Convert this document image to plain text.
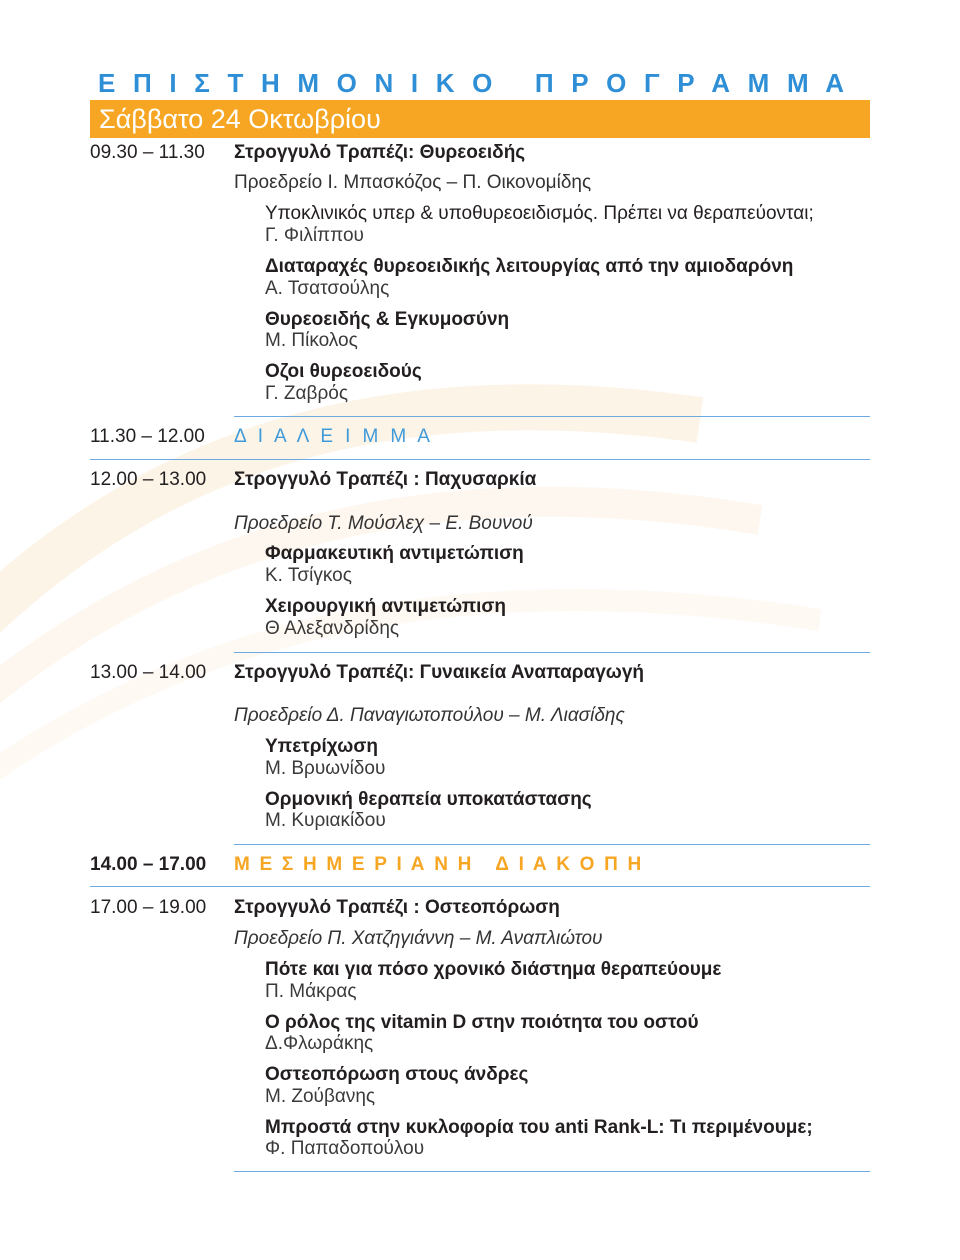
Ε Π Ι Σ Τ Η Μ Ο Ν Ι Κ Ο   Π Ρ Ο Γ Ρ Α Μ Μ Α
Σάββατο 24 Οκτωβρίου
09.30 – 11.30 Στρογγυλό Τραπέζι: Θυρεοειδής
Προεδρείο Ι. Μπασκόζος – Π. Οικονομίδης
Υποκλινικός υπερ & υποθυρεοειδισμός. Πρέπει να θεραπεύονται;
Γ. Φιλίππου
Διαταραχές θυρεοειδικής λειτουργίας από την αμιοδαρόνη
Α. Τσατσούλης
Θυρεοειδής & Εγκυμοσύνη
Μ. Πίκολος
Οζοι θυρεοειδούς
Γ. Ζαβρός
11.30 – 12.00 Δ Ι Α Λ Ε Ι Μ Μ Α
12.00 – 13.00 Στρογγυλό Τραπέζι : Παχυσαρκία
Προεδρείο Τ. Μούσλεχ – Ε. Βουνού
Φαρμακευτική αντιμετώπιση
Κ. Τσίγκος
Χειρουργική αντιμετώπιση
Θ Αλεξανδρίδης
13.00 – 14.00 Στρογγυλό Τραπέζι: Γυναικεία Αναπαραγωγή
Προεδρείο Δ. Παναγιωτοπούλου – Μ. Λιασίδης
Υπετρίχωση
Μ. Βρυωνίδου
Ορμονική θεραπεία υποκατάστασης
Μ. Κυριακίδου
14.00 – 17.00 Μ Ε Σ Η Μ Ε Ρ Ι Α Ν Η   Δ Ι Α Κ Ο Π Η
17.00 – 19.00 Στρογγυλό Τραπέζι : Οστεοπόρωση
Προεδρείο Π. Χατζηγιάννη – Μ. Αναπλιώτου
Πότε και για πόσο χρονικό διάστημα θεραπεύουμε
Π. Μάκρας
Ο ρόλος της vitamin D στην ποιότητα του οστού
Δ.Φλωράκης
Οστεοπόρωση στους άνδρες
Μ. Ζούβανης
Μπροστά στην κυκλοφορία του anti Rank-L: Τι περιμένουμε;
Φ. Παπαδοπούλου
